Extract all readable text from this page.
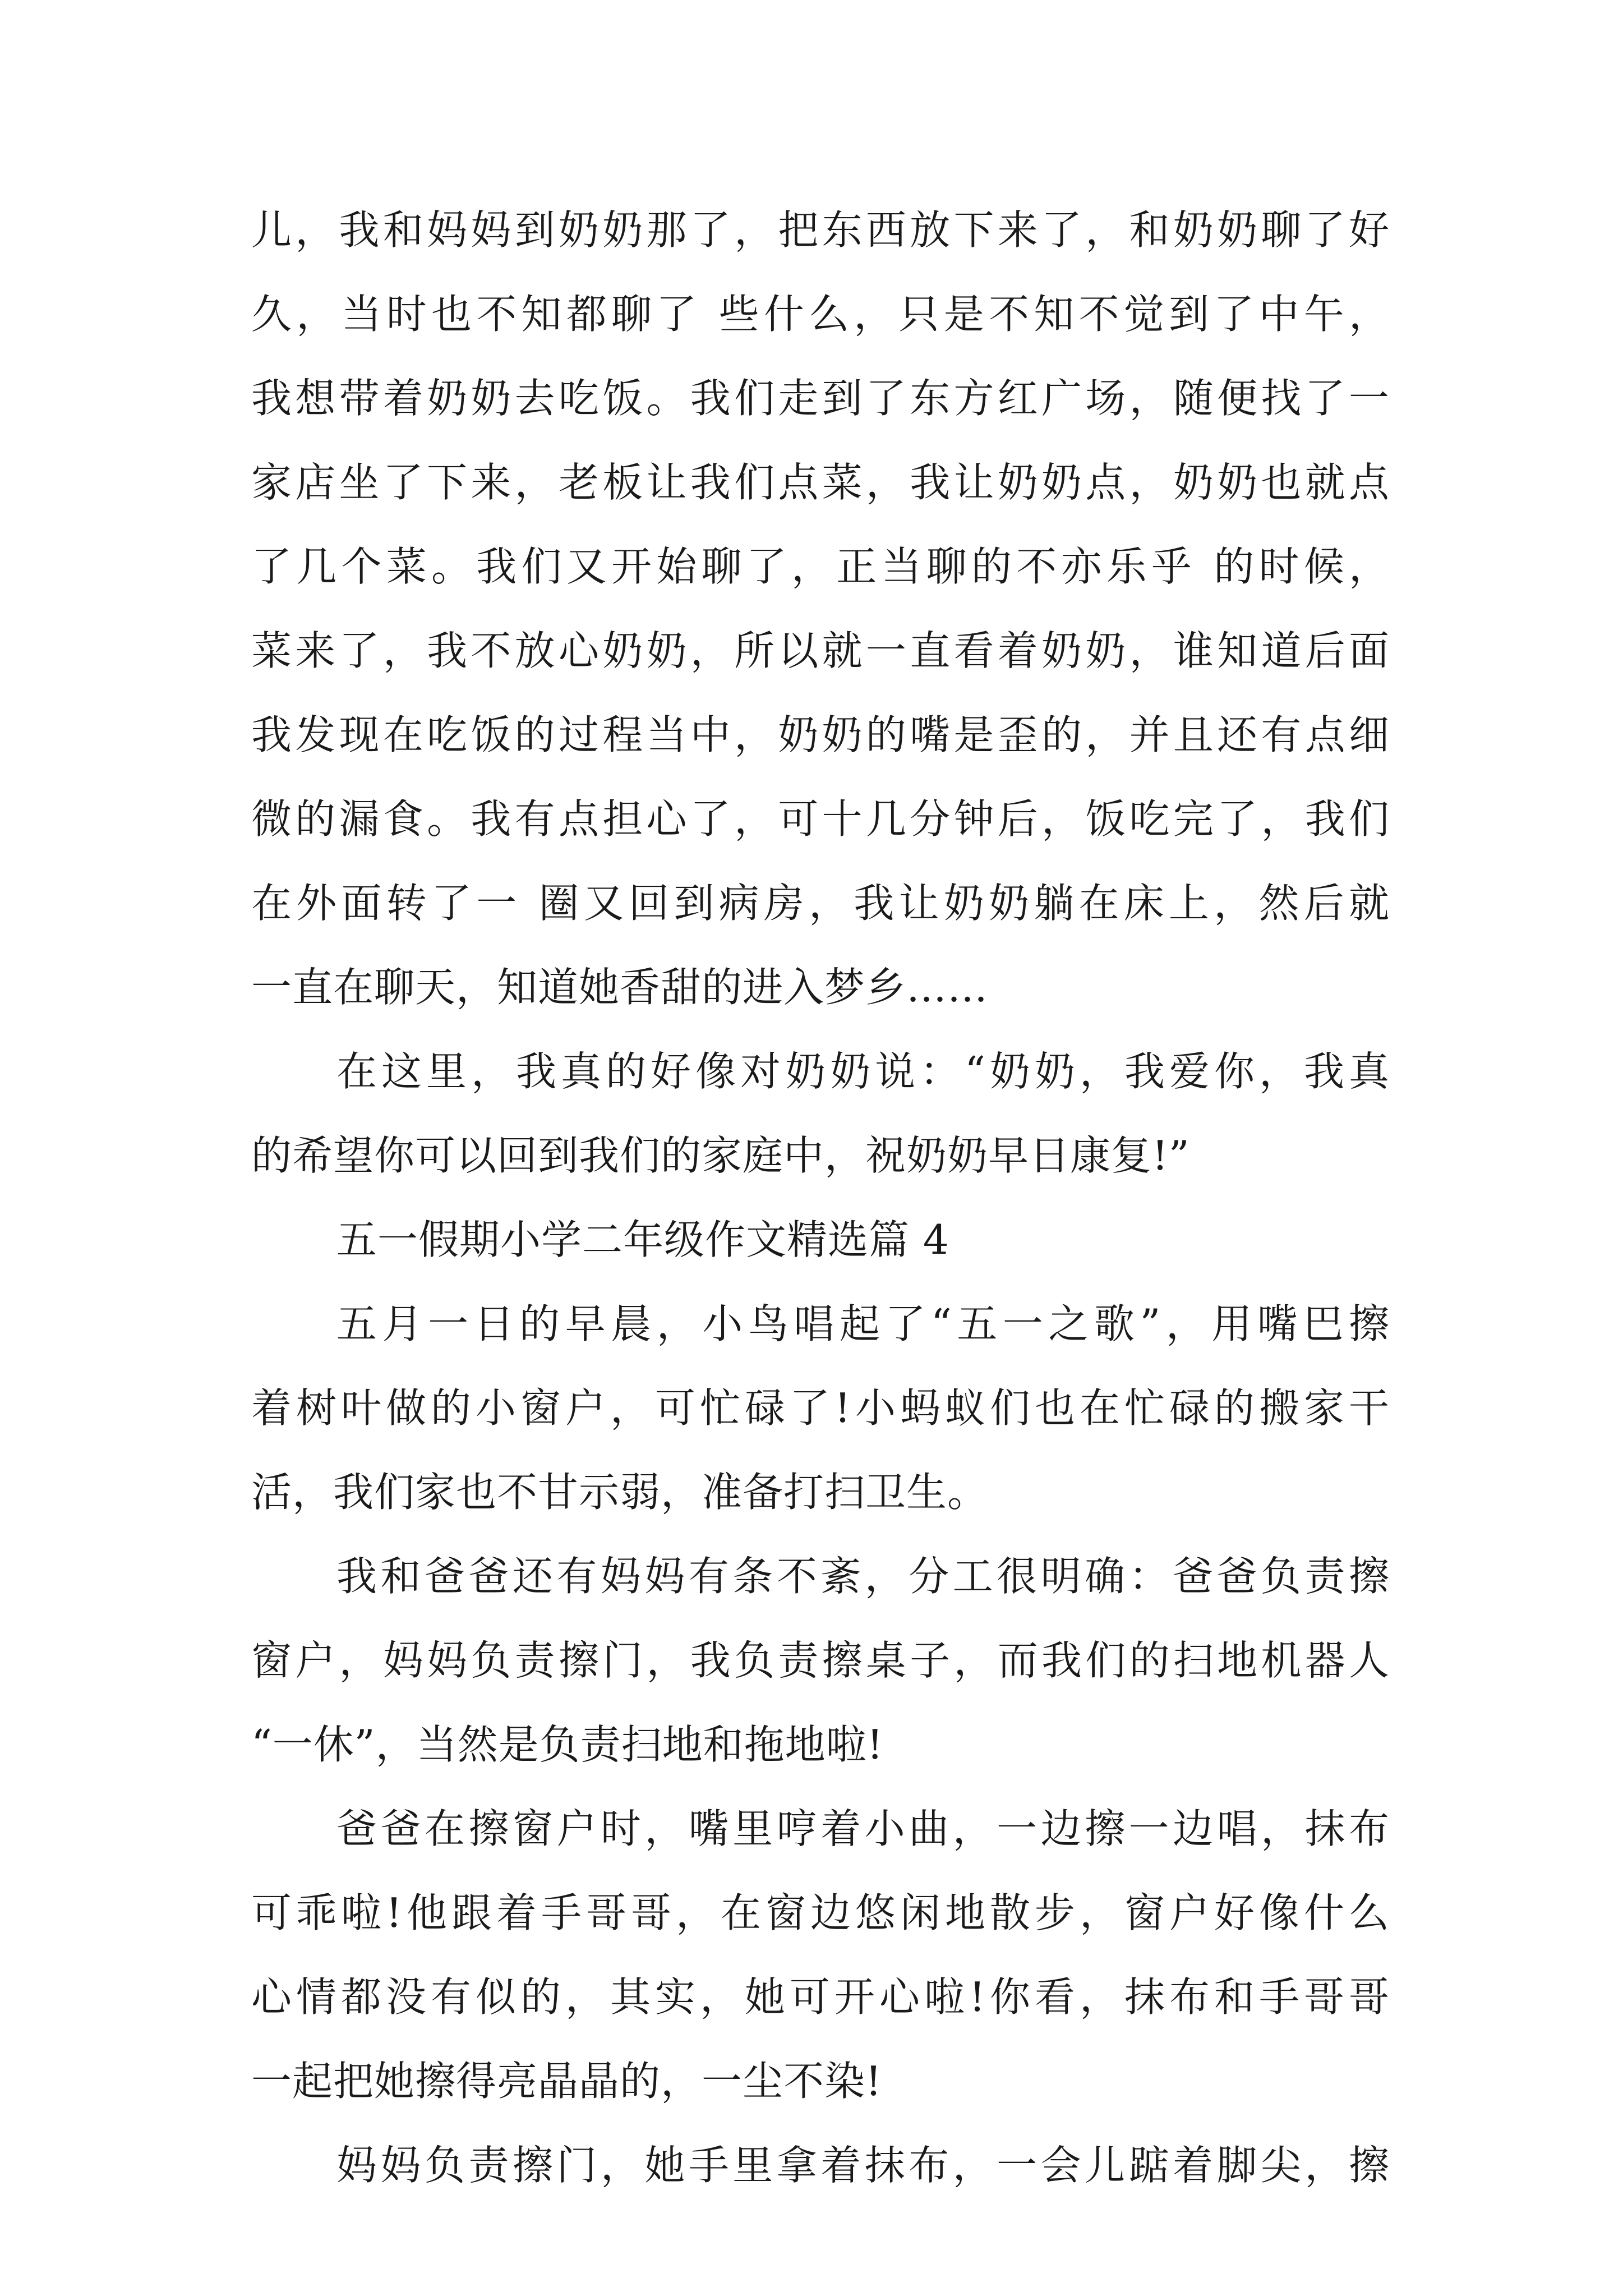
儿，我和妈妈到奶奶那了，把东西放下来了，和奶奶聊了好
久，当时也不知都聊了 些什么，只是不知不觉到了中午，
我想带着奶奶去吃饭。我们走到了东方红广场，随便找了一
家店坐了下来，老板让我们点菜，我让奶奶点，奶奶也就点
了几个菜。我们又开始聊了，正当聊的不亦乐乎 的时候，
菜来了，我不放心奶奶，所以就一直看着奶奶，谁知道后面
我发现在吃饭的过程当中，奶奶的嘴是歪的，并且还有点细
微的漏食。我有点担心了，可十几分钟后，饭吃完了，我们
在外面转了一 圈又回到病房，我让奶奶躺在床上，然后就
一直在聊天，知道她香甜的进入梦乡……
在这里，我真的好像对奶奶说：“奶奶，我爱你，我真
的希望你可以回到我们的家庭中，祝奶奶早日康复!”
五一假期小学二年级作文精选篇 4
五月一日的早晨，小鸟唱起了“五一之歌”，用嘴巴擦
着树叶做的小窗户，可忙碌了!小蚂蚁们也在忙碌的搬家干
活，我们家也不甘示弱，准备打扫卫生。
我和爸爸还有妈妈有条不紊，分工很明确：爸爸负责擦
窗户，妈妈负责擦门，我负责擦桌子，而我们的扫地机器人
“一休”，当然是负责扫地和拖地啦!
爸爸在擦窗户时，嘴里哼着小曲，一边擦一边唱，抹布
可乖啦!他跟着手哥哥，在窗边悠闲地散步，窗户好像什么
心情都没有似的，其实，她可开心啦!你看，抹布和手哥哥
一起把她擦得亮晶晶的，一尘不染!
妈妈负责擦门，她手里拿着抹布，一会儿踮着脚尖，擦
